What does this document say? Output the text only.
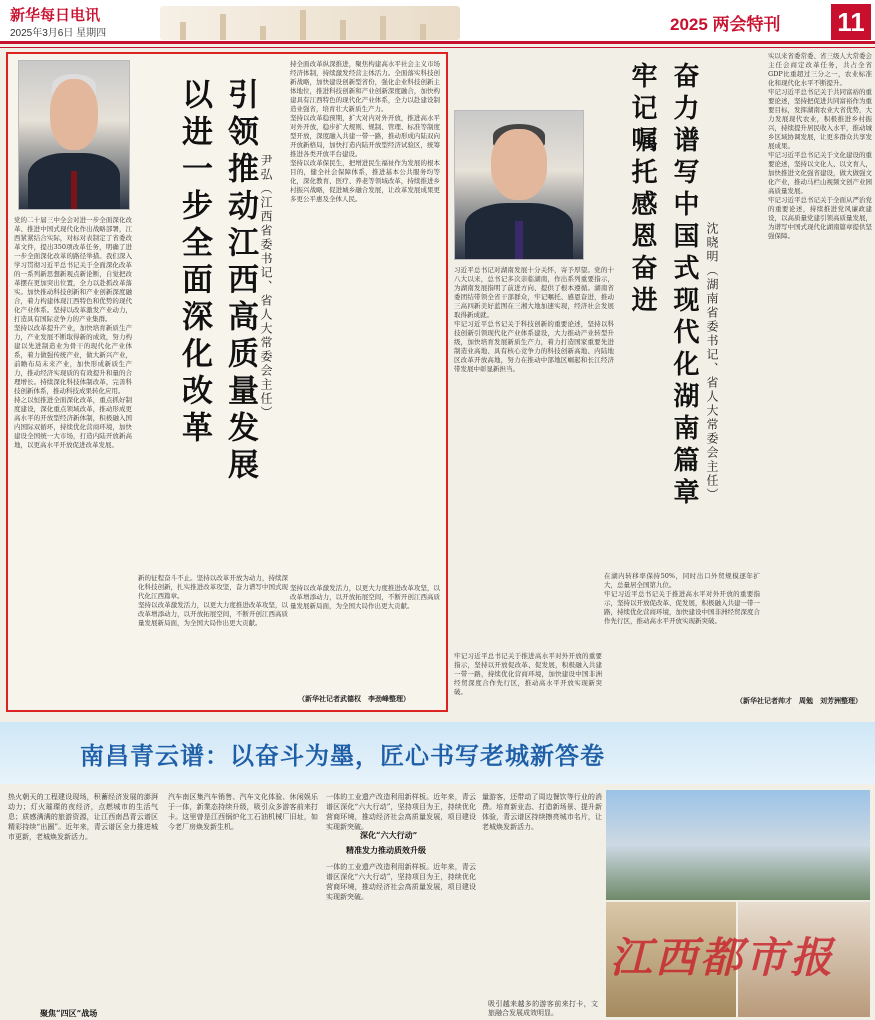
新华每日电讯
2025年3月6日 星期四	2025 两会特刊 11

党的二十届三中全会对进一步全面深化改革、推进中国式现代化作出战略部署，江西紧紧结合实际，对标对表制定了省委改革文件，提出350项改革任务，明确了进一步全面深化改革的路径举措。我们深入学习贯彻习近平总书记关于全面深化改革的一系列新思想新观点新论断，自觉把改革摆在更加突出位置，全力以赴抓改革落实。加快推动科技创新和产业创新深度融合，着力构建体现江西特色和优势的现代化产业体系。坚持以改革激发产业动力，打造具有国际竞争力的产业集群。

坚持以改革提升产业，加快培育新质生产力，产业发展不断取得新的成效，努力构建以先进制造业为骨干的现代化产业体系，着力做强传统产业，做大新兴产业，前瞻布局未来产业，加快形成新质生产力，推动经济实现质的有效提升和量的合理增长。持续深化科技体制改革，完善科技创新体系，推动科技成果转化应用。

持之以恒推进全面深化改革，重点抓好制度建设，深化重点领域改革，推动形成更高水平的开放型经济新体制，积极融入国内国际双循环，持续优化营商环境，加快建设全国统一大市场，打造内陆开放新高地，以更高水平开放促进改革发展。	引领推动江西高质量发展
以进一步全面深化改革	尹弘（江西省委书记、省人大常委会主任）

持全面改革纵深推进，聚焦构建高水平社会主义市场经济体制，持续激发经营主体活力。全面落实科技创新战略，加快建设创新型省份，强化企业科技创新主体地位，推进科技创新和产业创新深度融合，加快构建具有江西特色的现代化产业体系，全力以赴建设制造业强省，培育壮大新质生产力。

坚持以改革稳预期，扩大对内对外开放，推进高水平对外开放，稳步扩大规则、规制、管理、标准等制度型开放，深度融入共建一带一路，推动形成内陆双向开放新格局，加快打造内陆开放型经济试验区，统筹推进各类开放平台建设。

坚持以改革保民生，把增进民生福祉作为发展的根本目的，健全社会保障体系，推进基本公共服务均等化，深化教育、医疗、养老等领域改革，持续推进乡村振兴战略，促进城乡融合发展，让改革发展成果更多更公平惠及全体人民。

新的征程奋斗不止。坚持以改革开放为动力，持续深化科技创新，扎实推进改革攻坚，奋力谱写中国式现代化江西篇章。

坚持以改革激发活力，以更大力度推进改革攻坚，以改革增添动力，以开放拓展空间，不断开创江西高质量发展新局面，为全国大局作出更大贡献。

坚持以改革激发活力，以更大力度推进改革攻坚，以改革增添动力，以开放拓展空间，不断开创江西高质量发展新局面，为全国大局作出更大贡献。

（新华社记者武德权　李劲峰整理）
奋力谱写中国式现代化湖南篇章
牢记嘱托感恩奋进
沈晓明（湖南省委书记、省人大常委会主任）

习近平总书记对湖南发展十分关怀，寄予厚望。党的十八大以来，总书记多次亲临湖南，作出系列重要指示，为湖南发展指明了前进方向、提供了根本遵循。湖南省委团结带领全省干部群众，牢记嘱托、感恩奋进，推动三高四新美好蓝图在三湘大地加速实现，经济社会发展取得新成就。

牢记习近平总书记关于科技创新的重要论述，坚持以科技创新引领现代化产业体系建设，大力推动产业转型升级，加快培育发展新质生产力，着力打造国家重要先进制造业高地、具有核心竞争力的科技创新高地、内陆地区改革开放高地，努力在推动中部地区崛起和长江经济带发展中彰显新担当。

在湖内转移率保持50%，同时出口外贸规模逐年扩大，总量居全国第九位。

牢记习近平总书记关于推进高水平对外开放的重要指示，坚持以开放促改革、促发展，积极融入共建一带一路，持续优化营商环境，加快建设中国非洲经贸深度合作先行区，推动高水平开放实现新突破。

牢记习近平总书记关于推进高水平对外开放的重要指示，坚持以开放促改革、促发展，积极融入共建一带一路，持续优化营商环境，加快建设中国非洲经贸深度合作先行区，推动高水平开放实现新突破。

实以来省委常委、省三级人大常委会主任会商定改革任务，共占全省GDP比重超过三分之一，农业标准化和现代化水平不断提升。

牢记习近平总书记关于共同富裕的重要论述，坚持把促进共同富裕作为重要目标，发挥湖南农业大省优势，大力发展现代农业，积极推进乡村振兴，持续提升居民收入水平，推动城乡区域协调发展，让更多群众共享发展成果。

牢记习近平总书记关于文化建设的重要论述，坚持以文化人、以文育人，加快推进文化强省建设，做大做强文化产业，推动马栏山视频文创产业园高质量发展。

牢记习近平总书记关于全面从严治党的重要论述，持续推进党风廉政建设，以高质量党建引领高质量发展，为谱写中国式现代化湖南篇章提供坚强保障。

（新华社记者帅才　周勉　刘芳洲整理）
南昌青云谱：以奋斗为墨，匠心书写老城新答卷
热火朝天的工程建设现场，积蓄经济发展的澎湃动力；灯火璀璨的夜经济，点燃城市的生活气息；质感满满的旅游资源，让江西南昌青云谱区精彩持续“出圈”。近年来，青云谱区全力推进城市更新，老城焕发新活力。
聚焦“四区”战场
汽车南区集汽车销售、汽车文化体验、休闲娱乐于一体，新業态持续升级，吸引众多游客前来打卡。这里曾是江西锅炉化工石油机械厂旧址，如今老厂房焕发新生机。
一体的工业遗产改造利用新样板。近年来，青云谱区深化“六大行动”，坚持项目为王，持续优化营商环境，推动经济社会高质量发展，项目建设实现新突破。
深化“六大行动”
精准发力推动质效升级
一体的工业遗产改造利用新样板。近年来，青云谱区深化“六大行动”，坚持项目为王，持续优化营商环境，推动经济社会高质量发展，项目建设实现新突破。
量游客，还带动了周边餐饮等行业的消费。培育新业态、打造新场景、提升新体验，青云谱区持续擦亮城市名片，让老城焕发新活力。
吸引越来越多的游客前来打卡，文旅融合发展成效明显。
江西都市报
